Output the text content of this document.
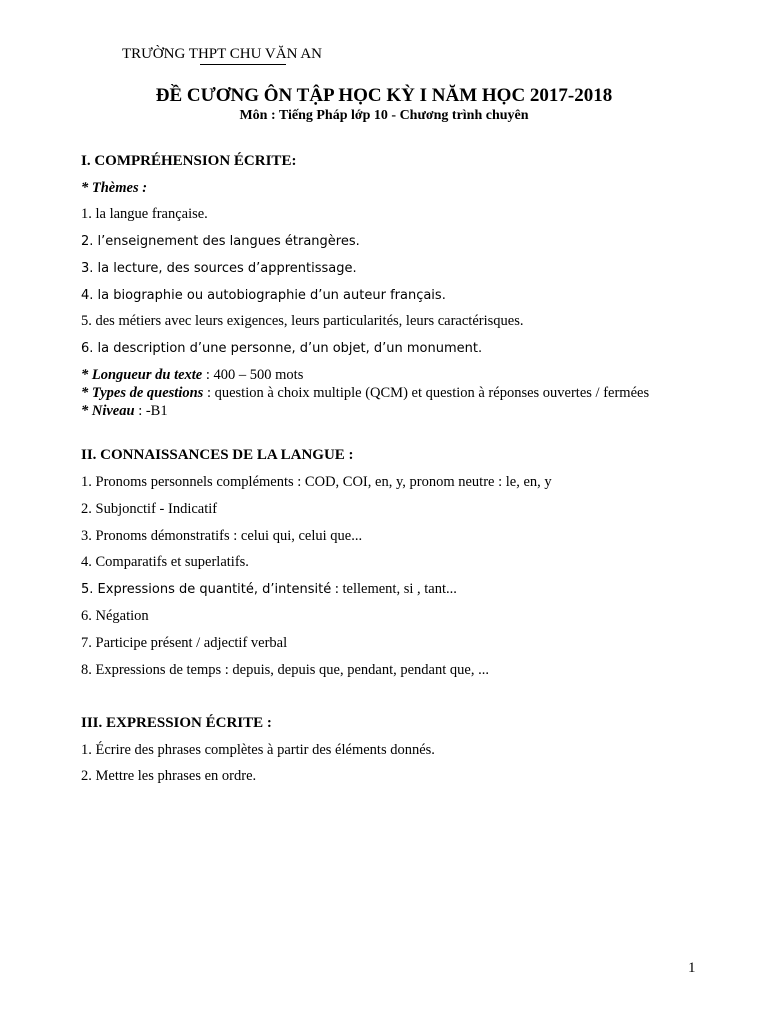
TRƯỜNG THPT CHU VĂN AN
ĐỀ CƯƠNG ÔN TẬP HỌC KỲ I NĂM HỌC 2017-2018
Môn : Tiếng Pháp lớp 10 - Chương trình chuyên
I. COMPRÉHENSION ÉCRITE:
* Thèmes :
1. la langue française.
2. l’enseignement des langues étrangères.
3. la lecture, des sources d’apprentissage.
4. la biographie ou autobiographie d’un auteur français.
5. des métiers avec leurs exigences, leurs particularités, leurs caractérisques.
6. la description d’une personne, d’un objet, d’un monument.
* Longueur du texte : 400 – 500 mots
* Types de questions : question à choix multiple (QCM) et question à réponses ouvertes / fermées
* Niveau : -B1
II. CONNAISSANCES DE LA LANGUE :
1. Pronoms personnels compléments : COD, COI, en, y, pronom neutre : le, en, y
2. Subjonctif - Indicatif
3. Pronoms démonstratifs : celui qui, celui que...
4. Comparatifs et superlatifs.
5. Expressions de quantité, d’intensité : tellement, si , tant...
6. Négation
7. Participe présent / adjectif verbal
8. Expressions de temps : depuis, depuis que, pendant, pendant que, ...
III. EXPRESSION ÉCRITE :
1. Écrire des phrases complètes à partir des éléments donnés.
2. Mettre les phrases en ordre.
1
